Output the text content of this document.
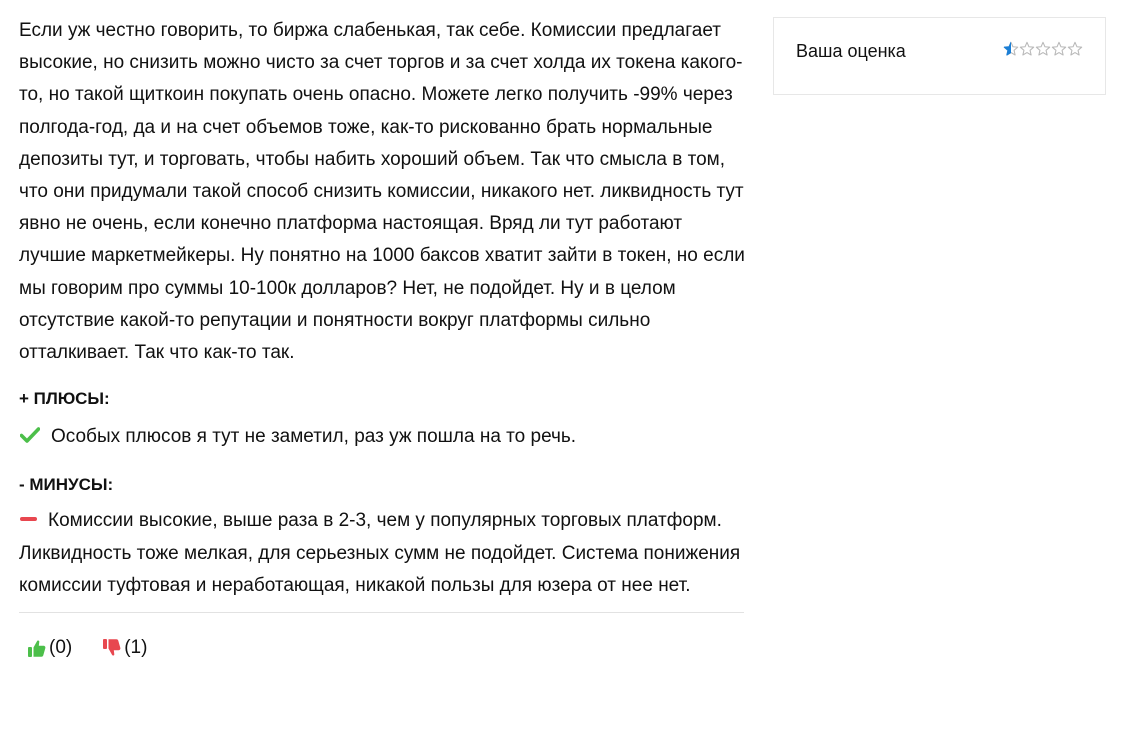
Если уж честно говорить, то биржа слабенькая, так себе. Комиссии предлагает высокие, но снизить можно чисто за счет торгов и за счет холда их токена какого-то, но такой щиткоин покупать очень опасно. Можете легко получить -99% через полгода-год, да и на счет объемов тоже, как-то рискованно брать нормальные депозиты тут, и торговать, чтобы набить хороший объем. Так что смысла в том, что они придумали такой способ снизить комиссии, никакого нет. ликвидность тут явно не очень, если конечно платформа настоящая. Вряд ли тут работают лучшие маркетмейкеры. Ну понятно на 1000 баксов хватит зайти в токен, но если мы говорим про суммы 10-100к долларов? Нет, не подойдет. Ну и в целом отсутствие какой-то репутации и понятности вокруг платформы сильно отталкивает. Так что как-то так.

+ ПЛЮСЫ:

Особых плюсов я тут не заметил, раз уж пошла на то речь.

- МИНУСЫ:

Комиссии высокие, выше раза в 2-3, чем у популярных торговых платформ. Ликвидность тоже мелкая, для серьезных сумм не подойдет. Система понижения комиссии туфтовая и неработающая, никакой пользы для юзера от нее нет.

(0)	(1)
Ваша оценка
